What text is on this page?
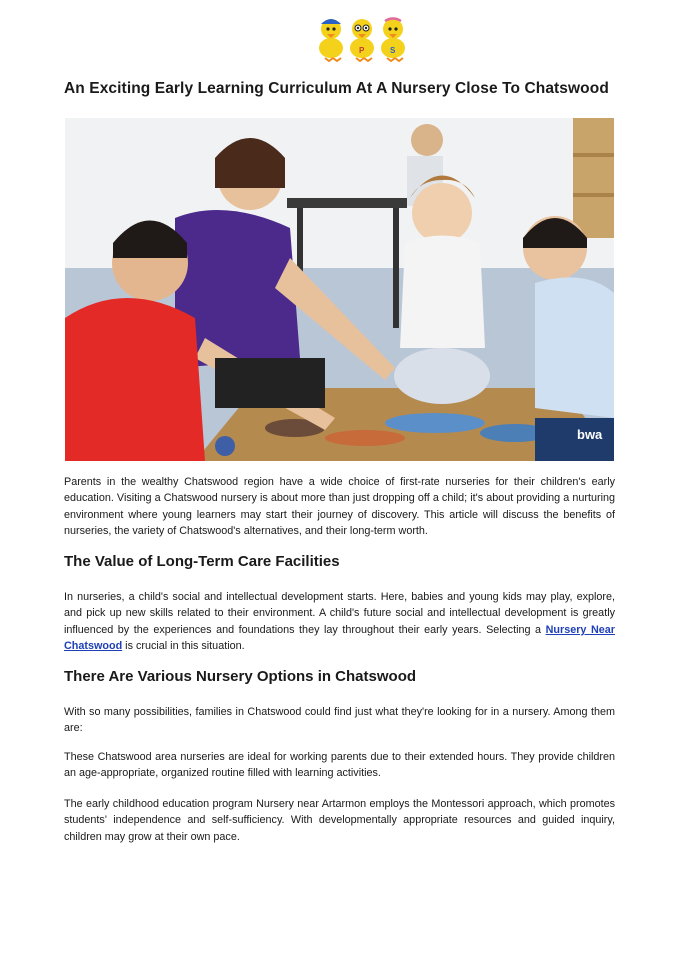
P	S
An Exciting Early Learning Curriculum At A Nursery Close To Chatswood
bwa

Parents in the wealthy Chatswood region have a wide choice of first-rate nurseries for their children's early education. Visiting a Chatswood nursery is about more than just dropping off a child; it's about providing a nurturing environment where young learners may start their journey of discovery. This article will discuss the benefits of nurseries, the variety of Chatswood's alternatives, and their long-term worth.

The Value of Long-Term Care Facilities

In nurseries, a child's social and intellectual development starts. Here, babies and young kids may play, explore, and pick up new skills related to their environment. A child's future social and intellectual development is greatly influenced by the experiences and foundations they lay throughout their early years. Selecting a Nursery Near Chatswood is crucial in this situation.

There Are Various Nursery Options in Chatswood

With so many possibilities, families in Chatswood could find just what they're looking for in a nursery. Among them are:

These Chatswood area nurseries are ideal for working parents due to their extended hours. They provide children an age-appropriate, organized routine filled with learning activities.

The early childhood education program Nursery near Artarmon employs the Montessori approach, which promotes students' independence and self-sufficiency. With developmentally appropriate resources and guided inquiry, children may grow at their own pace.
